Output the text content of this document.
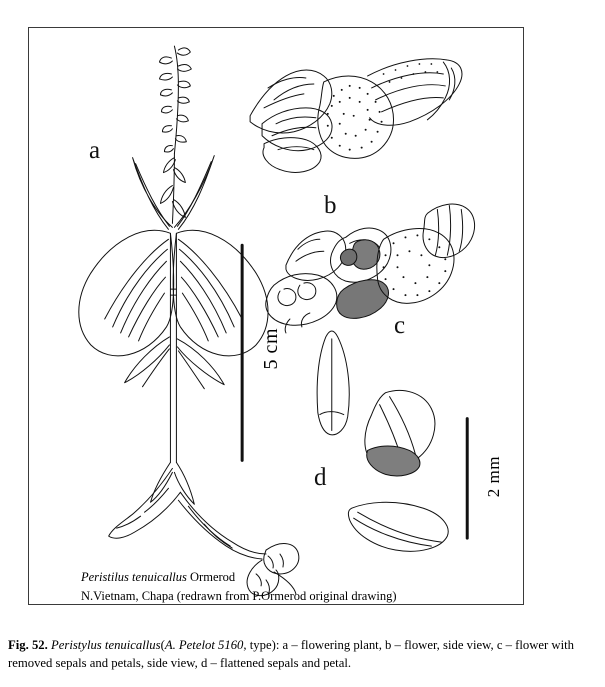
a
b
c
d
5 cm
2 mm
Peristilus tenuicallus Ormerod
N.Vietnam, Chapa (redrawn from P.Ormerod original drawing)
Fig. 52. Peristylus tenuicallus(A. Petelot 5160, type): a – flowering plant, b – flower, side view, c – flower with removed sepals and petals, side view, d – flattened sepals and petal.
